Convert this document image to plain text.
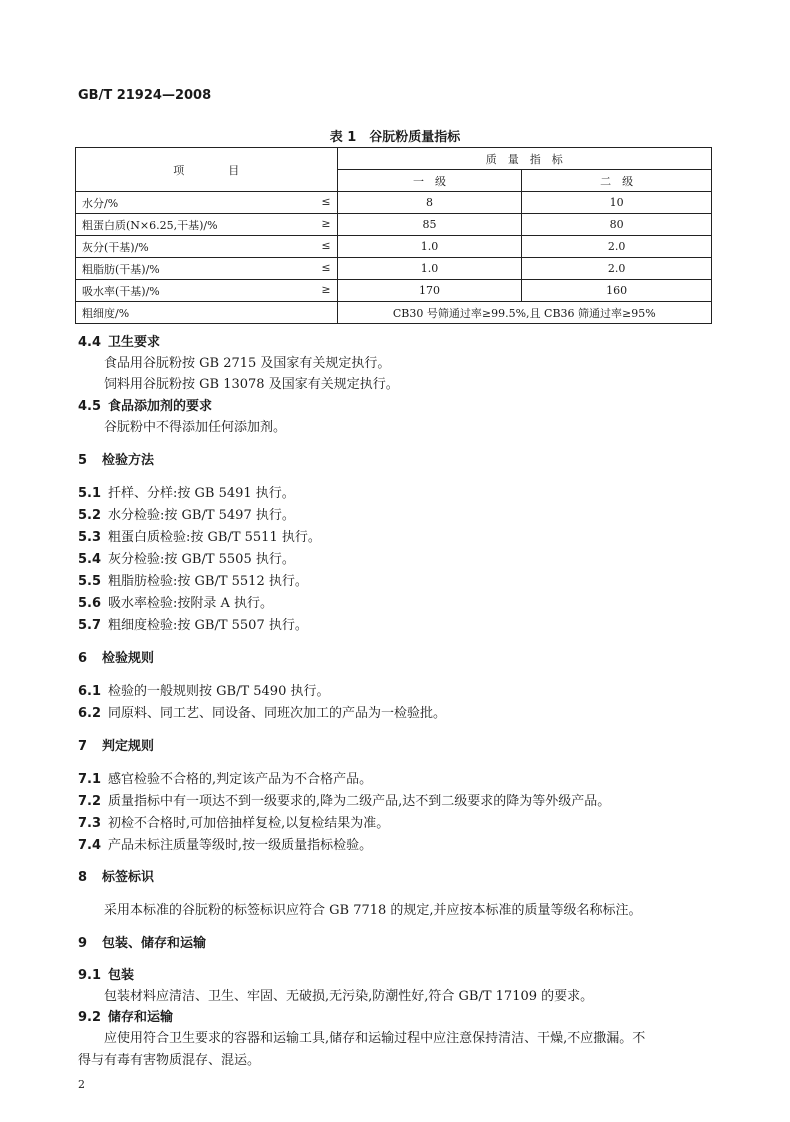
GB/T 21924—2008
表 1　谷朊粉质量指标
项　　　　目	质　量　指　标	
	一　级	二　级

水分/% ≤	8	10

粗蛋白质(N×6.25,干基)/% ≥	85	80

灰分(干基)/% ≤	1.0	2.0

粗脂肪(干基)/% ≤	1.0	2.0

吸水率(干基)/% ≥	170	160
粗细度/%	CB30 号筛通过率≥99.5%,且 CB36 筛通过率≥95%	
4.4 卫生要求
食品用谷朊粉按 GB 2715 及国家有关规定执行。
饲料用谷朊粉按 GB 13078 及国家有关规定执行。
4.5 食品添加剂的要求
谷朊粉中不得添加任何添加剂。
5 检验方法
5.1 扦样、分样:按 GB 5491 执行。
5.2 水分检验:按 GB/T 5497 执行。
5.3 粗蛋白质检验:按 GB/T 5511 执行。
5.4 灰分检验:按 GB/T 5505 执行。
5.5 粗脂肪检验:按 GB/T 5512 执行。
5.6 吸水率检验:按附录 A 执行。
5.7 粗细度检验:按 GB/T 5507 执行。
6 检验规则
6.1 检验的一般规则按 GB/T 5490 执行。
6.2 同原料、同工艺、同设备、同班次加工的产品为一检验批。
7 判定规则
7.1 感官检验不合格的,判定该产品为不合格产品。
7.2 质量指标中有一项达不到一级要求的,降为二级产品,达不到二级要求的降为等外级产品。
7.3 初检不合格时,可加倍抽样复检,以复检结果为准。
7.4 产品未标注质量等级时,按一级质量指标检验。
8 标签标识
采用本标准的谷朊粉的标签标识应符合 GB 7718 的规定,并应按本标准的质量等级名称标注。
9 包装、储存和运输
9.1 包装
包装材料应清洁、卫生、牢固、无破损,无污染,防潮性好,符合 GB/T 17109 的要求。
9.2 储存和运输
应使用符合卫生要求的容器和运输工具,储存和运输过程中应注意保持清洁、干燥,不应撒漏。不
得与有毒有害物质混存、混运。
2
